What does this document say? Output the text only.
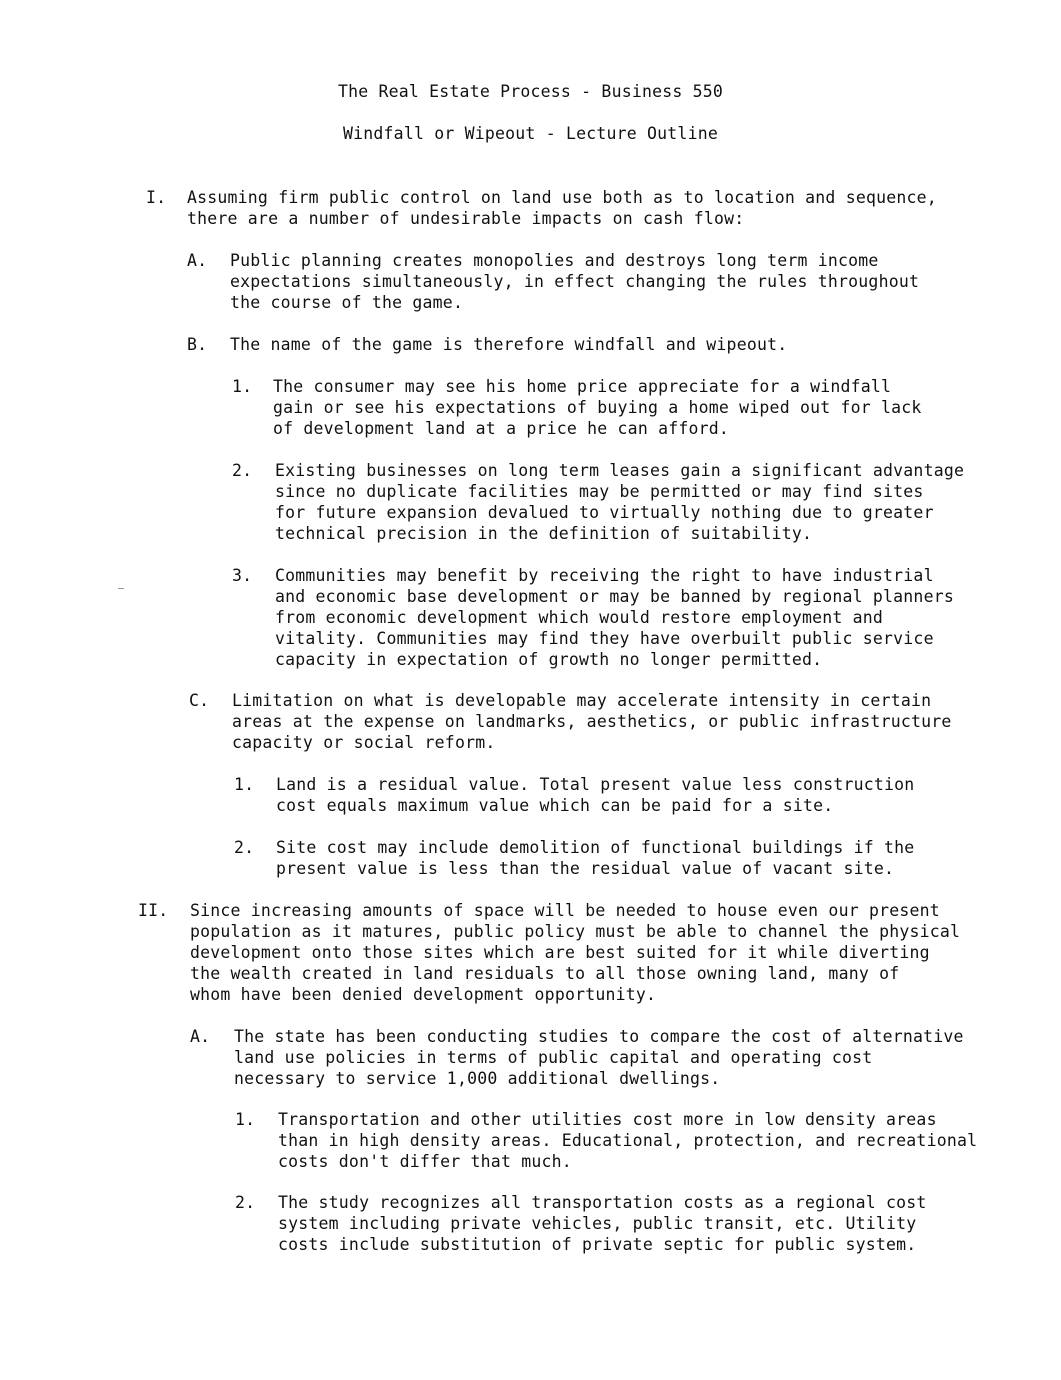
The Real Estate Process - Business 550
Windfall or Wipeout - Lecture Outline
I. Assuming firm public control on land use both as to location and sequence,
there are a number of undesirable impacts on cash flow:
A. Public planning creates monopolies and destroys long term income
expectations simultaneously, in effect changing the rules throughout
the course of the game.
B. The name of the game is therefore windfall and wipeout.
1. The consumer may see his home price appreciate for a windfall
gain or see his expectations of buying a home wiped out for lack
of development land at a price he can afford.
2. Existing businesses on long term leases gain a significant advantage
since no duplicate facilities may be permitted or may find sites
for future expansion devalued to virtually nothing due to greater
technical precision in the definition of suitability.
3. Communities may benefit by receiving the right to have industrial
and economic base development or may be banned by regional planners
from economic development which would restore employment and
vitality. Communities may find they have overbuilt public service
capacity in expectation of growth no longer permitted.
C. Limitation on what is developable may accelerate intensity in certain
areas at the expense on landmarks, aesthetics, or public infrastructure
capacity or social reform.
1. Land is a residual value. Total present value less construction
cost equals maximum value which can be paid for a site.
2. Site cost may include demolition of functional buildings if the
present value is less than the residual value of vacant site.
II. Since increasing amounts of space will be needed to house even our present
population as it matures, public policy must be able to channel the physical
development onto those sites which are best suited for it while diverting
the wealth created in land residuals to all those owning land, many of
whom have been denied development opportunity.
A. The state has been conducting studies to compare the cost of alternative
land use policies in terms of public capital and operating cost
necessary to service 1,000 additional dwellings.
1. Transportation and other utilities cost more in low density areas
than in high density areas. Educational, protection, and recreational
costs don't differ that much.
2. The study recognizes all transportation costs as a regional cost
system including private vehicles, public transit, etc. Utility
costs include substitution of private septic for public system.
